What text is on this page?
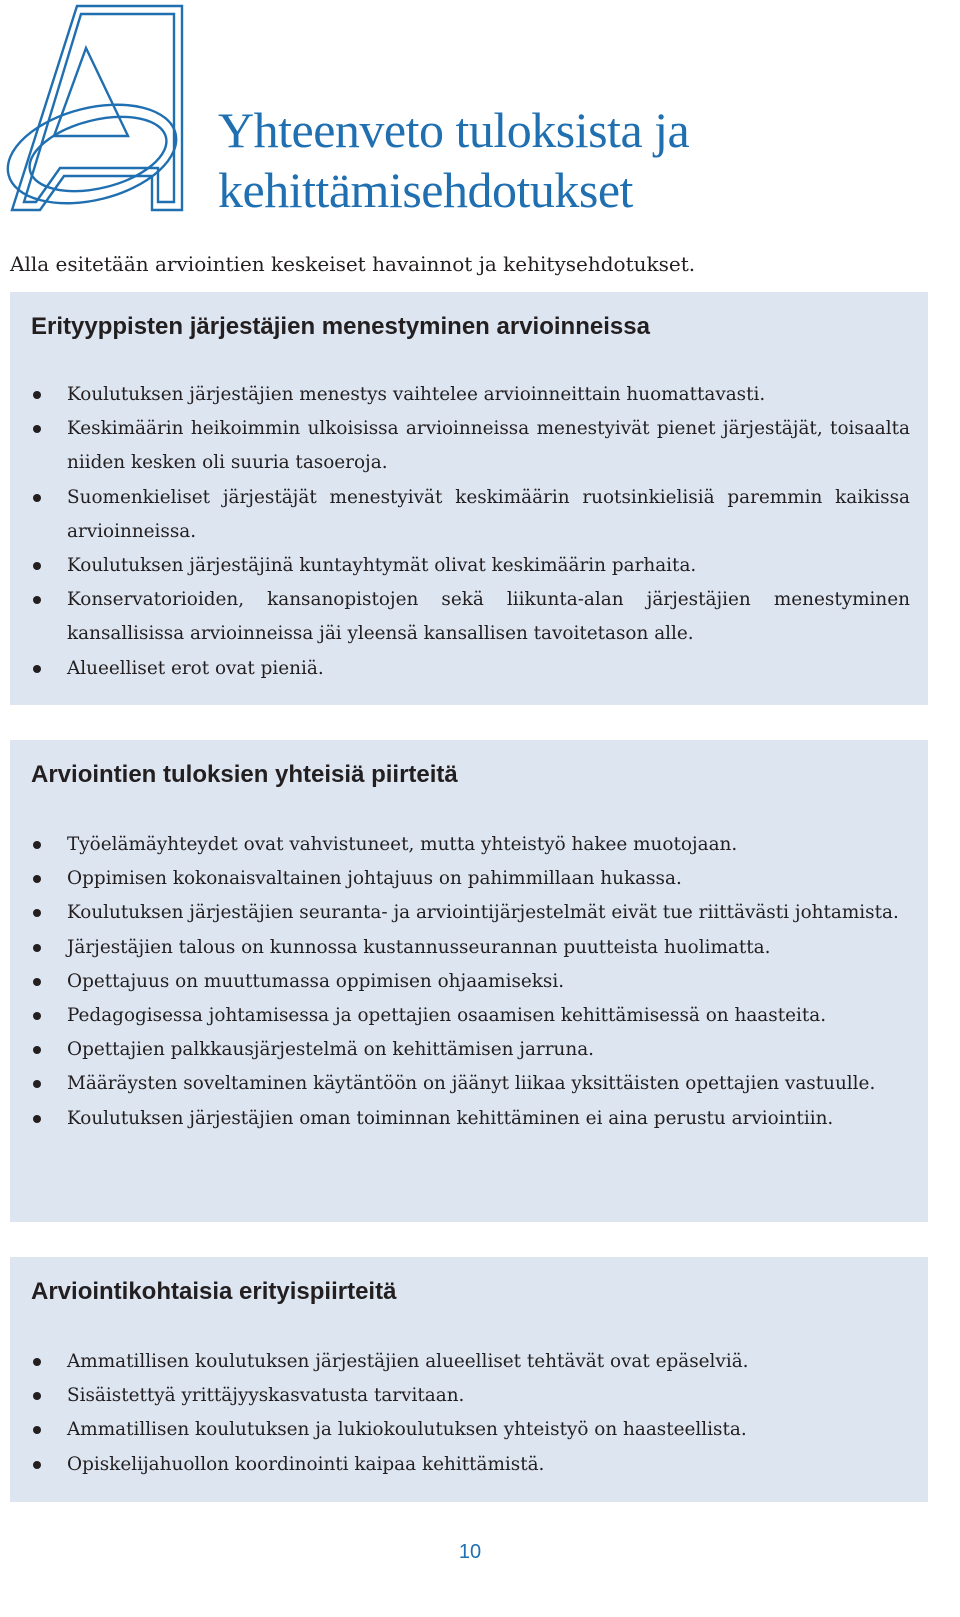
Yhteenveto tuloksista ja
kehittämisehdotukset

Alla esitetään arviointien keskeiset havainnot ja kehitysehdotukset.

Erityyppisten järjestäjien menestyminen arvioinneissa
Koulutuksen järjestäjien menestys vaihtelee arvioinneittain huomattavasti.
Keskimäärin heikoimmin ulkoisissa arvioinneissa menestyivät pienet järjestäjät, toisaalta niiden kesken oli suuria tasoeroja.
Suomenkieliset järjestäjät menestyivät keskimäärin ruotsinkielisiä paremmin kaikissa arvioinneissa.
Koulutuksen järjestäjinä kuntayhtymät olivat keskimäärin parhaita.
Konservatorioiden, kansanopistojen sekä liikunta-alan järjestäjien menestyminen kansallisissa arvioinneissa jäi yleensä kansallisen tavoitetason alle.
Alueelliset erot ovat pieniä.
Arviointien tuloksien yhteisiä piirteitä
Työelämäyhteydet ovat vahvistuneet, mutta yhteistyö hakee muotojaan.
Oppimisen kokonaisvaltainen johtajuus on pahimmillaan hukassa.
Koulutuksen järjestäjien seuranta- ja arviointijärjestelmät eivät tue riittävästi johtamista.
Järjestäjien talous on kunnossa kustannusseurannan puutteista huolimatta.
Opettajuus on muuttumassa oppimisen ohjaamiseksi.
Pedagogisessa johtamisessa ja opettajien osaamisen kehittämisessä on haasteita.
Opettajien palkkausjärjestelmä on kehittämisen jarruna.
Määräysten soveltaminen käytäntöön on jäänyt liikaa yksittäisten opettajien vastuulle.
Koulutuksen järjestäjien oman toiminnan kehittäminen ei aina perustu arviointiin.
Arviointikohtaisia erityispiirteitä
Ammatillisen koulutuksen järjestäjien alueelliset tehtävät ovat epäselviä.
Sisäistettyä yrittäjyyskasvatusta tarvitaan.
Ammatillisen koulutuksen ja lukiokoulutuksen yhteistyö on haasteellista.
Opiskelijahuollon koordinointi kaipaa kehittämistä.
10
